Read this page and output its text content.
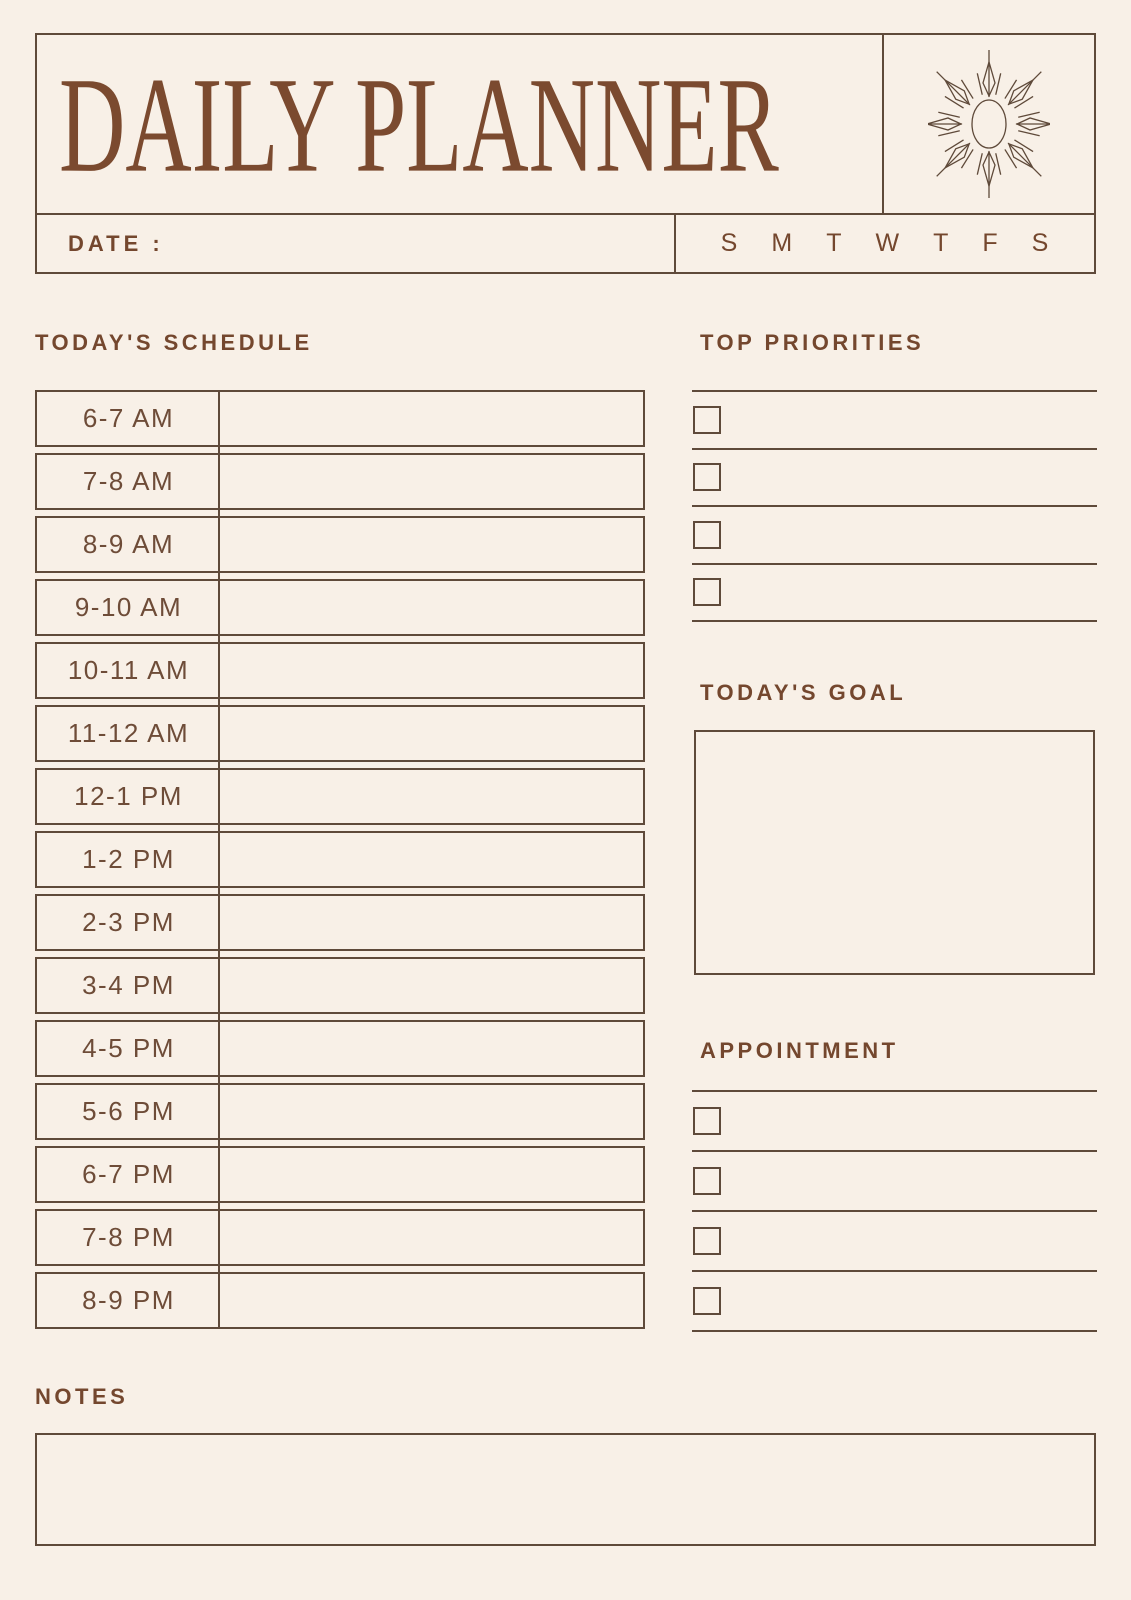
DAILY PLANNER
DATE :	S M T W T F S
TODAY'S SCHEDULE
6-7 AM
7-8 AM
8-9 AM
9-10 AM
10-11 AM
11-12 AM
12-1 PM
1-2 PM
2-3 PM
3-4 PM
4-5 PM
5-6 PM
6-7 PM
7-8 PM
8-9 PM
TOP PRIORITIES
TODAY'S GOAL
APPOINTMENT
NOTES
